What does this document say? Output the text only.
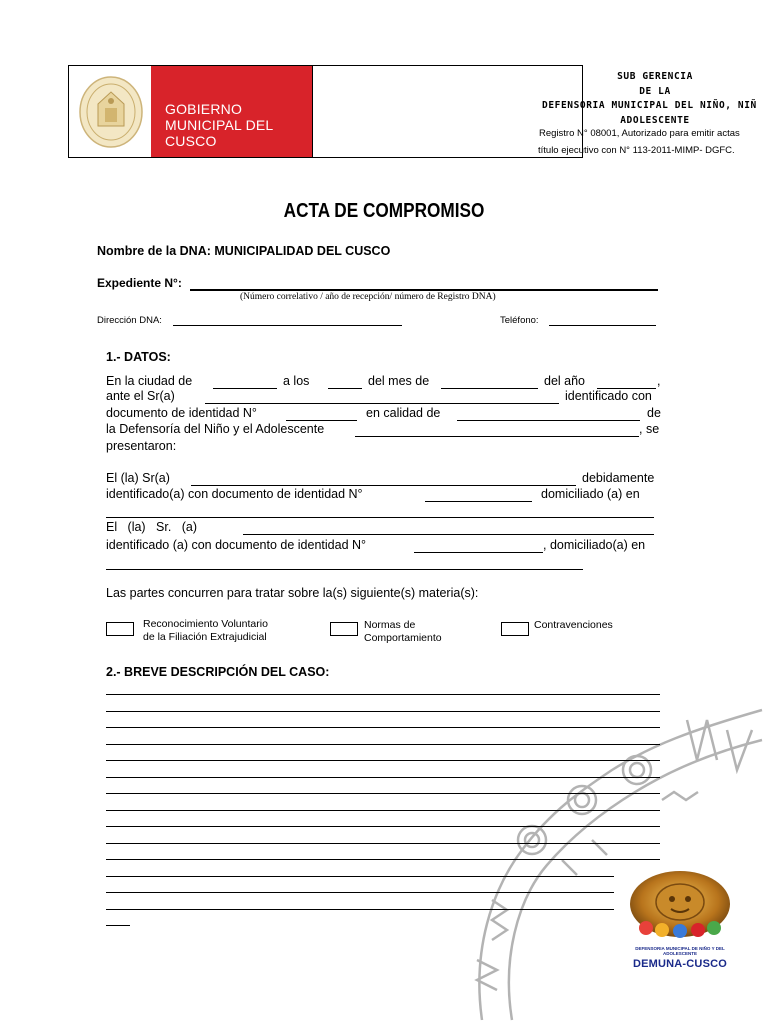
GOBIERNO
MUNICIPAL DEL
CUSCO
SUB GERENCIA
DE LA
DEFENSORIA MUNICIPAL DEL NIÑO, NIÑ
ADOLESCENTE
Registro N° 08001, Autorizado para emitir actas
título ejecutivo con N° 113-2011-MIMP- DGFC.
ACTA DE COMPROMISO
Nombre de la DNA: MUNICIPALIDAD DEL CUSCO
Expediente N°:
(Número correlativo / año de recepción/ número de Registro DNA)
Dirección DNA:	Teléfono:
1.- DATOS:
En la ciudad de	a los	del mes de	del año	,
ante el Sr(a)	identificado con
documento de identidad N°	en calidad de	de
la Defensoría del Niño y el Adolescente	, se
presentaron:
El (la) Sr(a)	debidamente
identificado(a) con documento de identidad N°	domiciliado (a) en
El   (la)   Sr.   (a)
identificado (a) con documento de identidad N°	, domiciliado(a) en
Las partes concurren para tratar sobre la(s) siguiente(s) materia(s):
Reconocimiento Voluntario
de la Filiación Extrajudicial
Normas de
Comportamiento
Contravenciones
2.- BREVE DESCRIPCIÓN DEL CASO:
DEFENSORIA MUNICIPAL DE NIÑO Y DEL ADOLESCENTE
DEMUNA-CUSCO
